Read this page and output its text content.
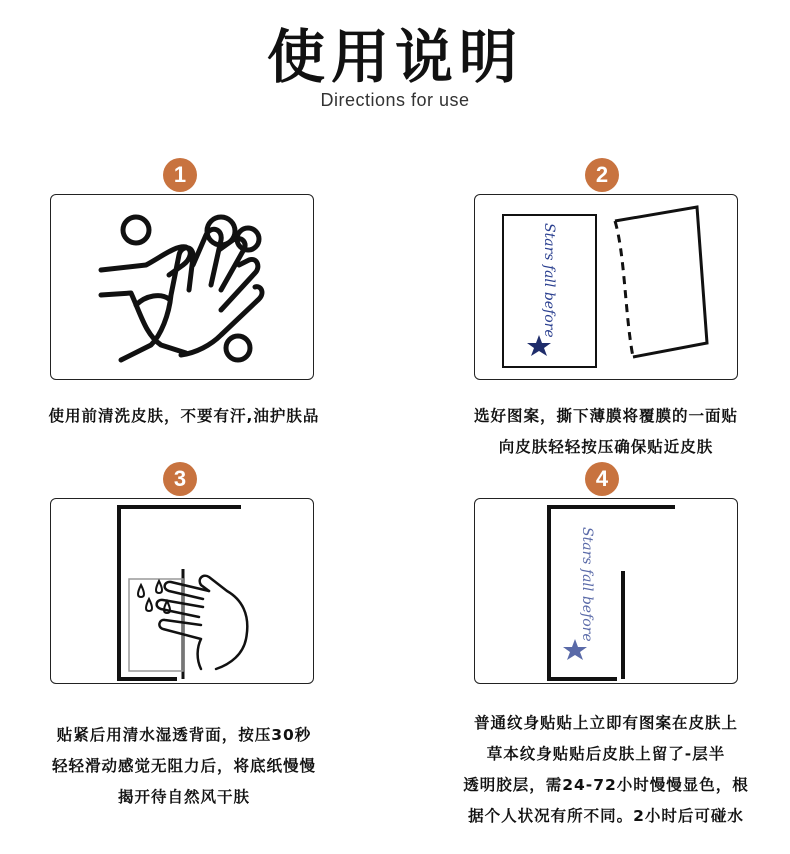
使用说明
Directions for use
1
使用前清洗皮肤，不要有汗,油护肤品
2
Stars fall before
选好图案，撕下薄膜将覆膜的一面贴
向皮肤轻轻按压确保贴近皮肤
3
贴紧后用清水湿透背面，按压30秒
轻轻滑动感觉无阻力后，将底纸慢慢
揭开待自然风干肤
4
Stars fall before
普通纹身贴贴上立即有图案在皮肤上
草本纹身贴贴后皮肤上留了-层半
透明胶层，需24-72小时慢慢显色，根
据个人状况有所不同。2小时后可碰水
